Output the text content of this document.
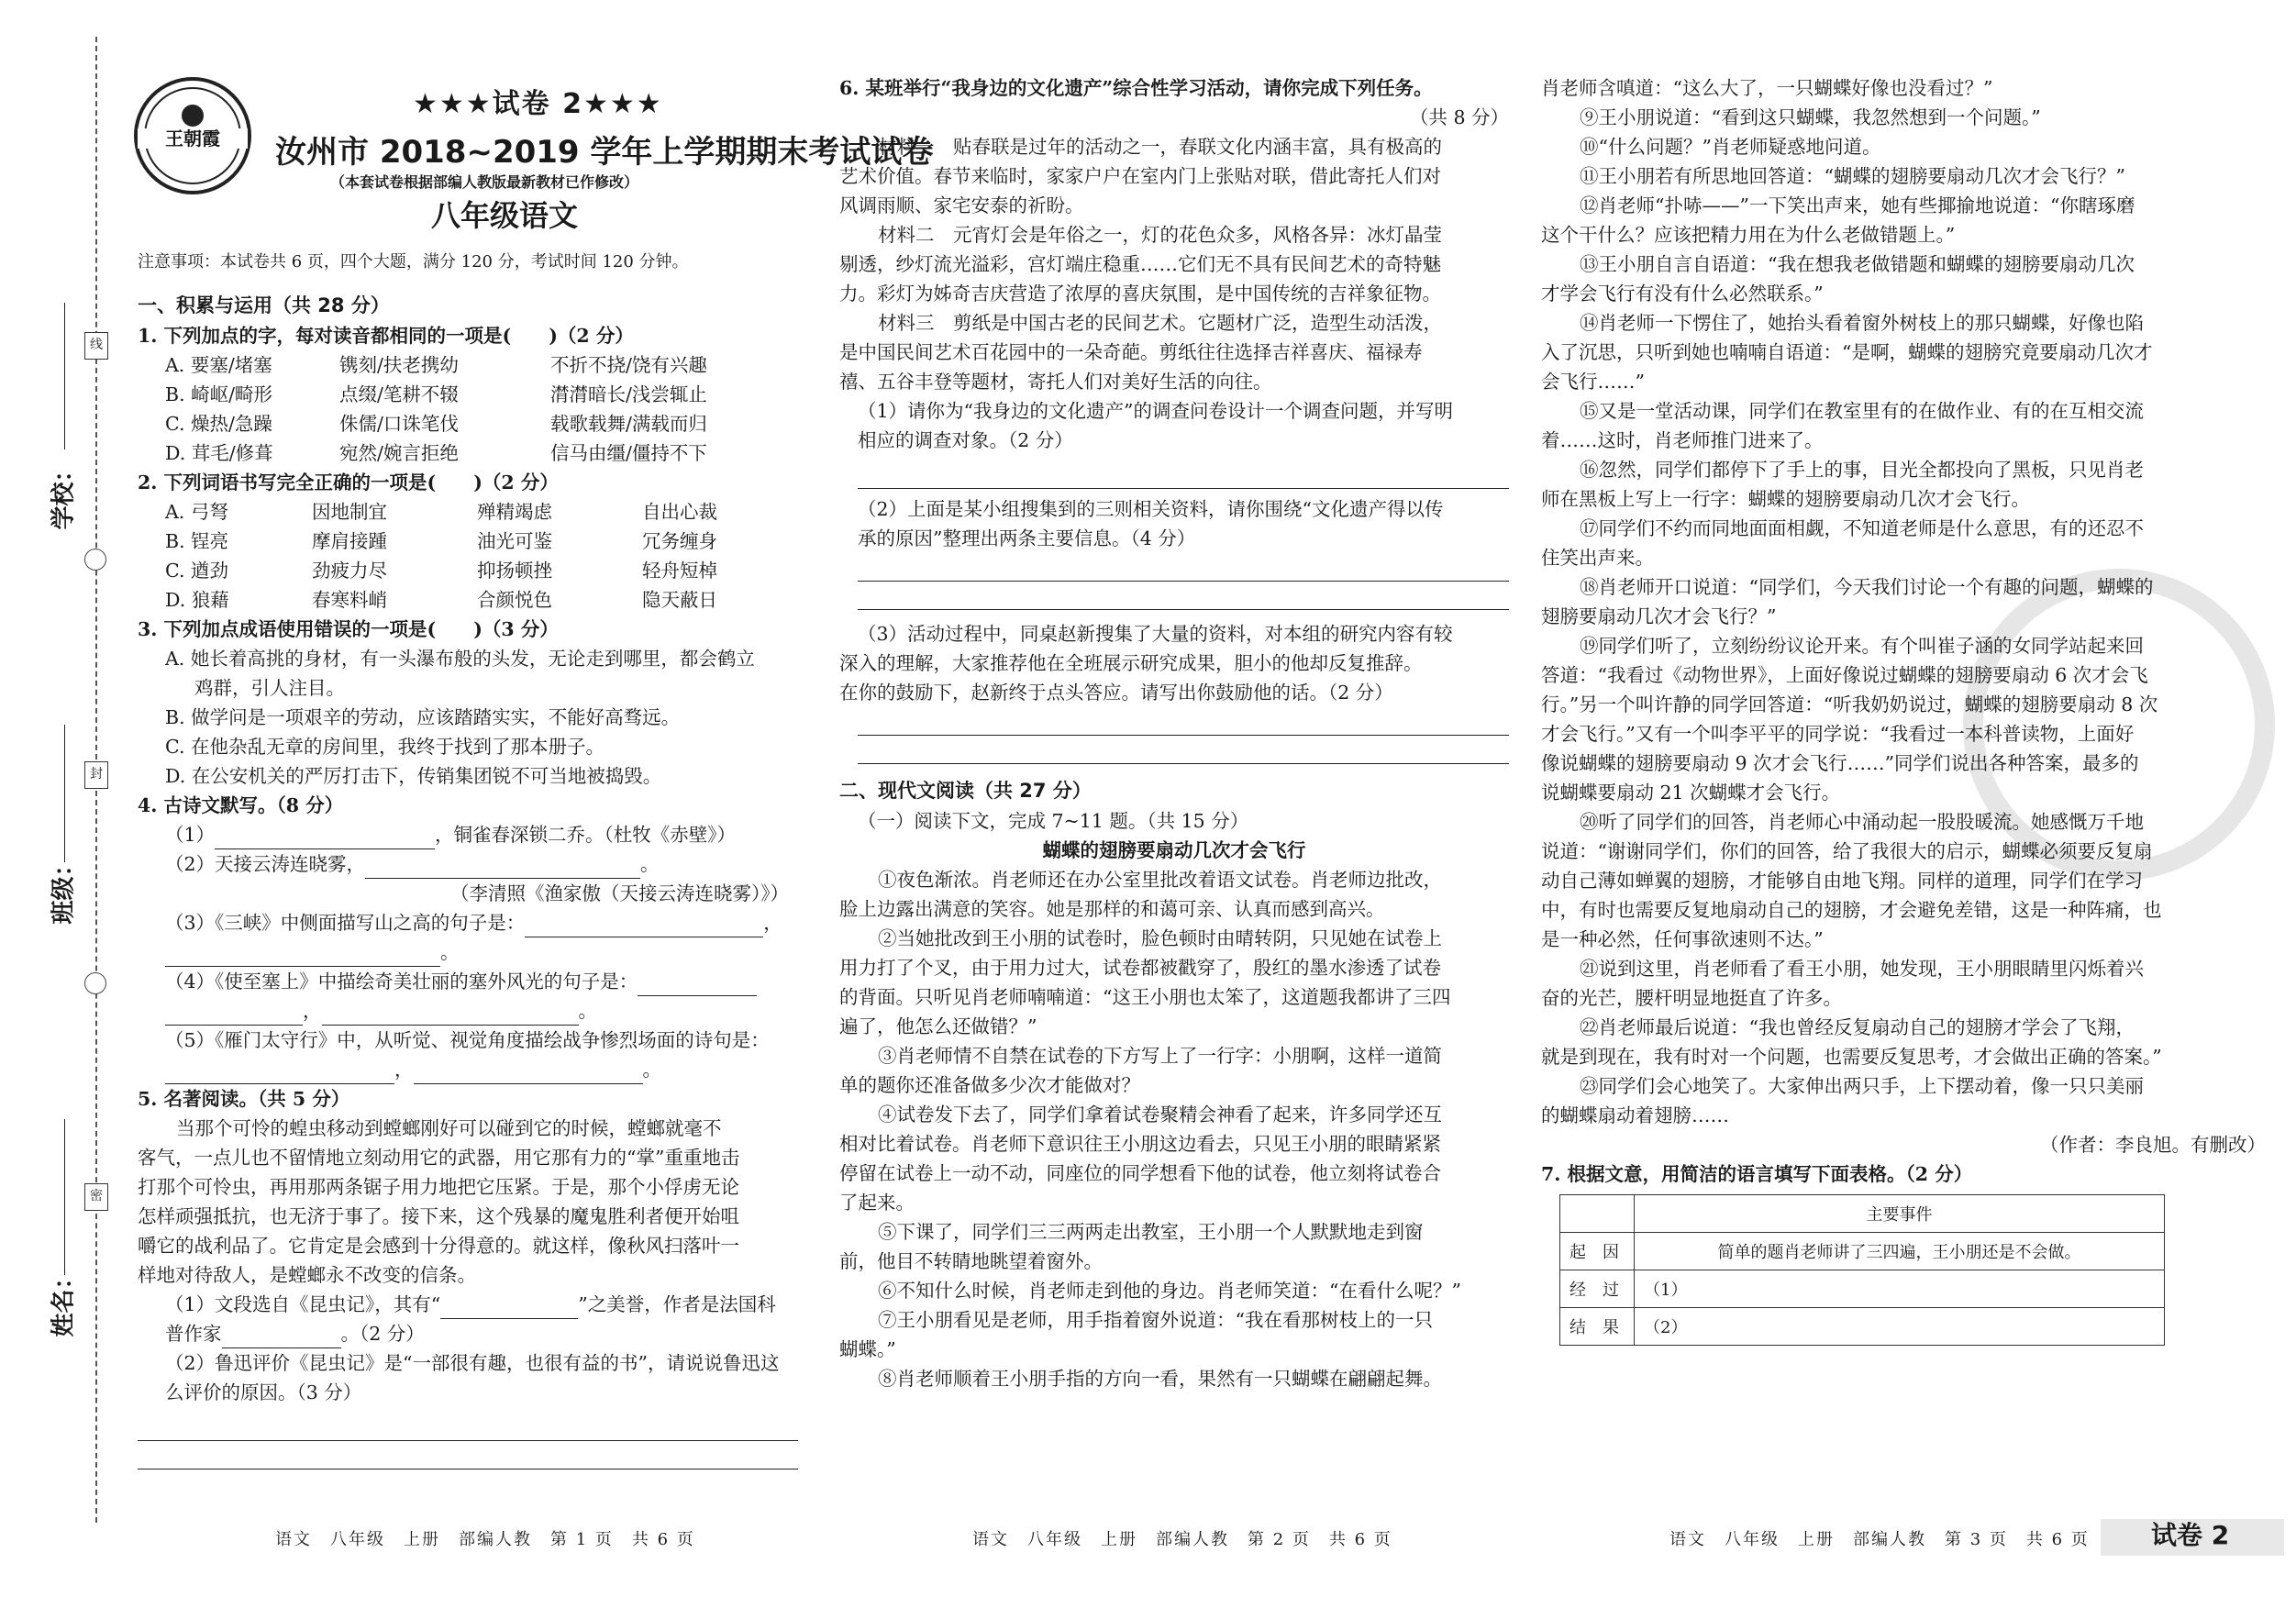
线
封
密
学校：
班级：
姓名：
王朝霞
★★★试卷 2★★★
汝州市 2018~2019 学年上学期期末考试试卷
（本套试卷根据部编人教版最新教材已作修改）
八年级语文
注意事项：本试卷共 6 页，四个大题，满分 120 分，考试时间 120 分钟。
一、积累与运用（共 28 分）
1. 下列加点的字，每对读音都相同的一项是(　　)（2 分）
A. 要塞/堵塞	镌刻/扶老携幼	不折不挠/饶有兴趣
B. 崎岖/畸形	点缀/笔耕不辍	潸潸暗长/浅尝辄止
C. 燥热/急躁	侏儒/口诛笔伐	载歌载舞/满载而归
D. 茸毛/修葺	宛然/婉言拒绝	信马由缰/僵持不下
2. 下列词语书写完全正确的一项是(　　)（2 分）
A. 弓弩	因地制宜	殚精竭虑	自出心裁
B. 锃亮	摩肩接踵	油光可鉴	冗务缠身
C. 遒劲	劲疲力尽	抑扬顿挫	轻舟短棹
D. 狼藉	春寒料峭	合颜悦色	隐天蔽日
3. 下列加点成语使用错误的一项是(　　)（3 分）
A. 她长着高挑的身材，有一头瀑布般的头发，无论走到哪里，都会鹤立
鸡群，引人注目。
B. 做学问是一项艰辛的劳动，应该踏踏实实，不能好高骛远。
C. 在他杂乱无章的房间里，我终于找到了那本册子。
D. 在公安机关的严厉打击下，传销集团锐不可当地被捣毁。
4. 古诗文默写。（8 分）
（1）	，铜雀春深锁二乔。（杜牧《赤壁》）
（2）天接云涛连晓雾，	。
（李清照《渔家傲（天接云涛连晓雾）》）
（3）《三峡》中侧面描写山之高的句子是：	，
。
（4）《使至塞上》中描绘奇美壮丽的塞外风光的句子是：
，	。
（5）《雁门太守行》中，从听觉、视觉角度描绘战争惨烈场面的诗句是：
，	。
5. 名著阅读。（共 5 分）
当那个可怜的蝗虫移动到螳螂刚好可以碰到它的时候，螳螂就毫不
客气，一点儿也不留情地立刻动用它的武器，用它那有力的“掌”重重地击
打那个可怜虫，再用那两条锯子用力地把它压紧。于是，那个小俘虏无论
怎样顽强抵抗，也无济于事了。接下来，这个残暴的魔鬼胜利者便开始咀
嚼它的战利品了。它肯定是会感到十分得意的。就这样，像秋风扫落叶一
样地对待敌人，是螳螂永不改变的信条。
（1）文段选自《昆虫记》，其有“	”之美誉，作者是法国科
普作家	。（2 分）
（2）鲁迅评价《昆虫记》是“一部很有趣，也很有益的书”，请说说鲁迅这
么评价的原因。（3 分）
语文　八年级　上册　部编人教　第 1 页　共 6 页
6. 某班举行“我身边的文化遗产”综合性学习活动，请你完成下列任务。
（共 8 分）
材料一　贴春联是过年的活动之一，春联文化内涵丰富，具有极高的
艺术价值。春节来临时，家家户户在室内门上张贴对联，借此寄托人们对
风调雨顺、家宅安泰的祈盼。
材料二　元宵灯会是年俗之一，灯的花色众多，风格各异：冰灯晶莹
剔透，纱灯流光溢彩，宫灯端庄稳重……它们无不具有民间艺术的奇特魅
力。彩灯为姊奇吉庆营造了浓厚的喜庆氛围，是中国传统的吉祥象征物。
材料三　剪纸是中国古老的民间艺术。它题材广泛，造型生动活泼，
是中国民间艺术百花园中的一朵奇葩。剪纸往往选择吉祥喜庆、福禄寿
禧、五谷丰登等题材，寄托人们对美好生活的向往。
（1）请你为“我身边的文化遗产”的调查问卷设计一个调查问题，并写明
相应的调查对象。（2 分）
（2）上面是某小组搜集到的三则相关资料，请你围绕“文化遗产得以传
承的原因”整理出两条主要信息。（4 分）
（3）活动过程中，同桌赵新搜集了大量的资料，对本组的研究内容有较
深入的理解，大家推荐他在全班展示研究成果，胆小的他却反复推辞。
在你的鼓励下，赵新终于点头答应。请写出你鼓励他的话。（2 分）
二、现代文阅读（共 27 分）
（一）阅读下文，完成 7~11 题。（共 15 分）
蝴蝶的翅膀要扇动几次才会飞行
①夜色渐浓。肖老师还在办公室里批改着语文试卷。肖老师边批改，
脸上边露出满意的笑容。她是那样的和蔼可亲、认真而感到高兴。
②当她批改到王小朋的试卷时，脸色顿时由晴转阴，只见她在试卷上
用力打了个叉，由于用力过大，试卷都被戳穿了，殷红的墨水渗透了试卷
的背面。只听见肖老师喃喃道：“这王小朋也太笨了，这道题我都讲了三四
遍了，他怎么还做错？”
③肖老师情不自禁在试卷的下方写上了一行字：小朋啊，这样一道简
单的题你还准备做多少次才能做对？
④试卷发下去了，同学们拿着试卷聚精会神看了起来，许多同学还互
相对比着试卷。肖老师下意识往王小朋这边看去，只见王小朋的眼睛紧紧
停留在试卷上一动不动，同座位的同学想看下他的试卷，他立刻将试卷合
了起来。
⑤下课了，同学们三三两两走出教室，王小朋一个人默默地走到窗
前，他目不转睛地眺望着窗外。
⑥不知什么时候，肖老师走到他的身边。肖老师笑道：“在看什么呢？”
⑦王小朋看见是老师，用手指着窗外说道：“我在看那树枝上的一只
蝴蝶。”
⑧肖老师顺着王小朋手指的方向一看，果然有一只蝴蝶在翩翩起舞。
语文　八年级　上册　部编人教　第 2 页　共 6 页
肖老师含嗔道：“这么大了，一只蝴蝶好像也没看过？”
⑨王小朋说道：“看到这只蝴蝶，我忽然想到一个问题。”
⑩“什么问题？”肖老师疑惑地问道。
⑪王小朋若有所思地回答道：“蝴蝶的翅膀要扇动几次才会飞行？”
⑫肖老师“扑哧——”一下笑出声来，她有些揶揄地说道：“你瞎琢磨
这个干什么？应该把精力用在为什么老做错题上。”
⑬王小朋自言自语道：“我在想我老做错题和蝴蝶的翅膀要扇动几次
才学会飞行有没有什么必然联系。”
⑭肖老师一下愣住了，她抬头看着窗外树枝上的那只蝴蝶，好像也陷
入了沉思，只听到她也喃喃自语道：“是啊，蝴蝶的翅膀究竟要扇动几次才
会飞行……”
⑮又是一堂活动课，同学们在教室里有的在做作业、有的在互相交流
着……这时，肖老师推门进来了。
⑯忽然，同学们都停下了手上的事，目光全都投向了黑板，只见肖老
师在黑板上写上一行字：蝴蝶的翅膀要扇动几次才会飞行。
⑰同学们不约而同地面面相觑，不知道老师是什么意思，有的还忍不
住笑出声来。
⑱肖老师开口说道：“同学们，今天我们讨论一个有趣的问题，蝴蝶的
翅膀要扇动几次才会飞行？”
⑲同学们听了，立刻纷纷议论开来。有个叫崔子涵的女同学站起来回
答道：“我看过《动物世界》，上面好像说过蝴蝶的翅膀要扇动 6 次才会飞
行。”另一个叫许静的同学回答道：“听我奶奶说过，蝴蝶的翅膀要扇动 8 次
才会飞行。”又有一个叫李平平的同学说：“我看过一本科普读物，上面好
像说蝴蝶的翅膀要扇动 9 次才会飞行……”同学们说出各种答案，最多的
说蝴蝶要扇动 21 次蝴蝶才会飞行。
⑳听了同学们的回答，肖老师心中涌动起一股股暖流。她感慨万千地
说道：“谢谢同学们，你们的回答，给了我很大的启示，蝴蝶必须要反复扇
动自己薄如蝉翼的翅膀，才能够自由地飞翔。同样的道理，同学们在学习
中，有时也需要反复地扇动自己的翅膀，才会避免差错，这是一种阵痛，也
是一种必然，任何事欲速则不达。”
㉑说到这里，肖老师看了看王小朋，她发现，王小朋眼睛里闪烁着兴
奋的光芒，腰杆明显地挺直了许多。
㉒肖老师最后说道：“我也曾经反复扇动自己的翅膀才学会了飞翔，
就是到现在，我有时对一个问题，也需要反复思考，才会做出正确的答案。”
㉓同学们会心地笑了。大家伸出两只手，上下摆动着，像一只只美丽
的蝴蝶扇动着翅膀……
（作者：李良旭。有删改）
7. 根据文意，用简洁的语言填写下面表格。（2 分）
	主要事件
起　因	简单的题肖老师讲了三四遍，王小朋还是不会做。
经　过	（1）
结　果	（2）
语文　八年级　上册　部编人教　第 3 页　共 6 页 试卷 2
